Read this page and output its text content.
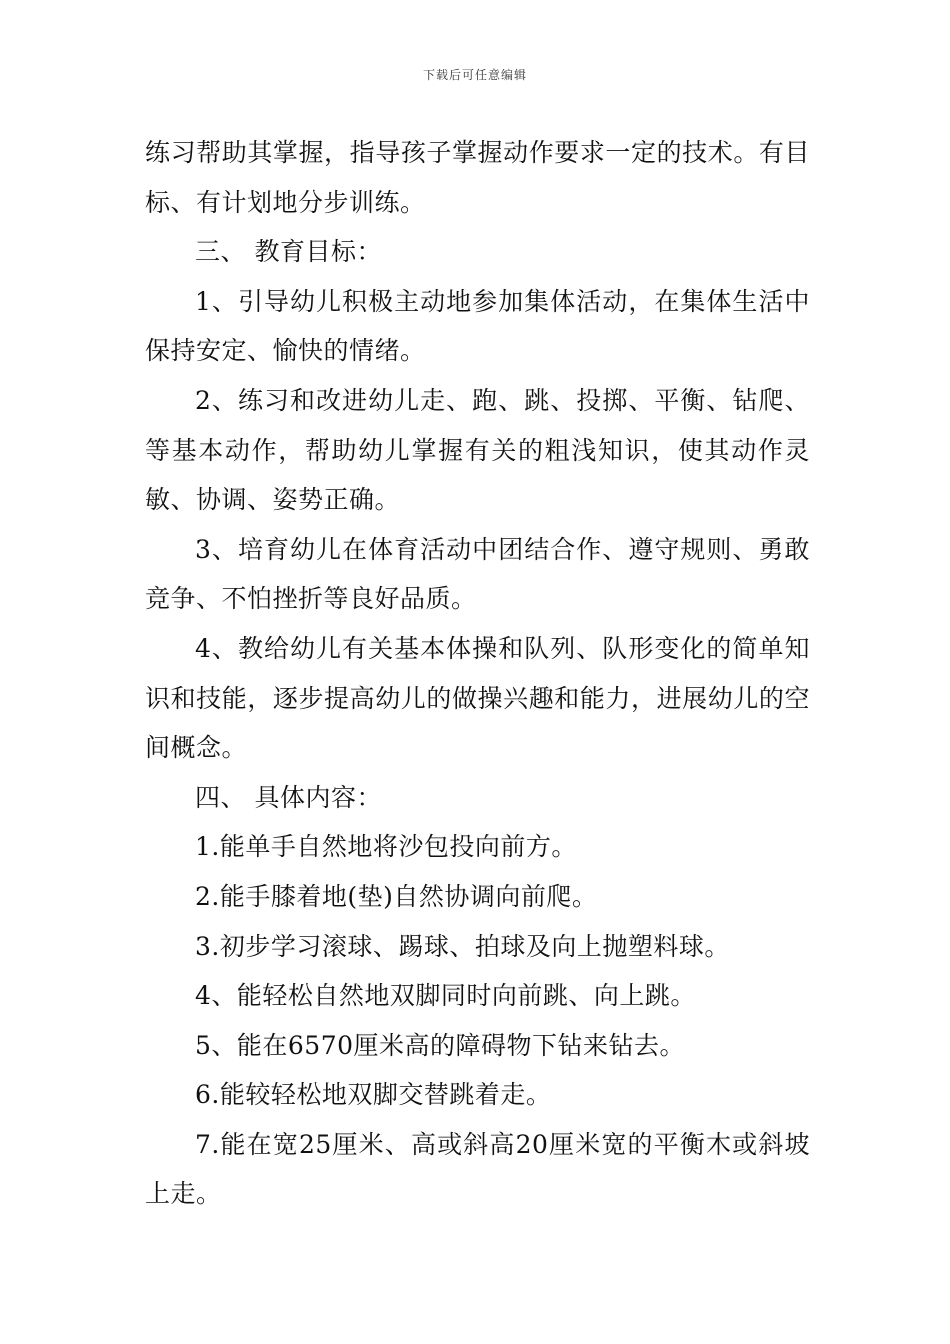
下载后可任意编辑

练习帮助其掌握，指导孩子掌握动作要求一定的技术。有目标、有计划地分步训练。

三、 教育目标：

1、引导幼儿积极主动地参加集体活动，在集体生活中保持安定、愉快的情绪。

2、练习和改进幼儿走、跑、跳、投掷、平衡、钻爬、等基本动作，帮助幼儿掌握有关的粗浅知识，使其动作灵敏、协调、姿势正确。

3、培育幼儿在体育活动中团结合作、遵守规则、勇敢竞争、不怕挫折等良好品质。

4、教给幼儿有关基本体操和队列、队形变化的简单知识和技能，逐步提高幼儿的做操兴趣和能力，进展幼儿的空间概念。

四、 具体内容：

1.能单手自然地将沙包投向前方。

2.能手膝着地(垫)自然协调向前爬。

3.初步学习滚球、踢球、拍球及向上抛塑料球。

4、能轻松自然地双脚同时向前跳、向上跳。

5、能在6570厘米高的障碍物下钻来钻去。

6.能较轻松地双脚交替跳着走。

7.能在宽25厘米、高或斜高20厘米宽的平衡木或斜坡上走。
